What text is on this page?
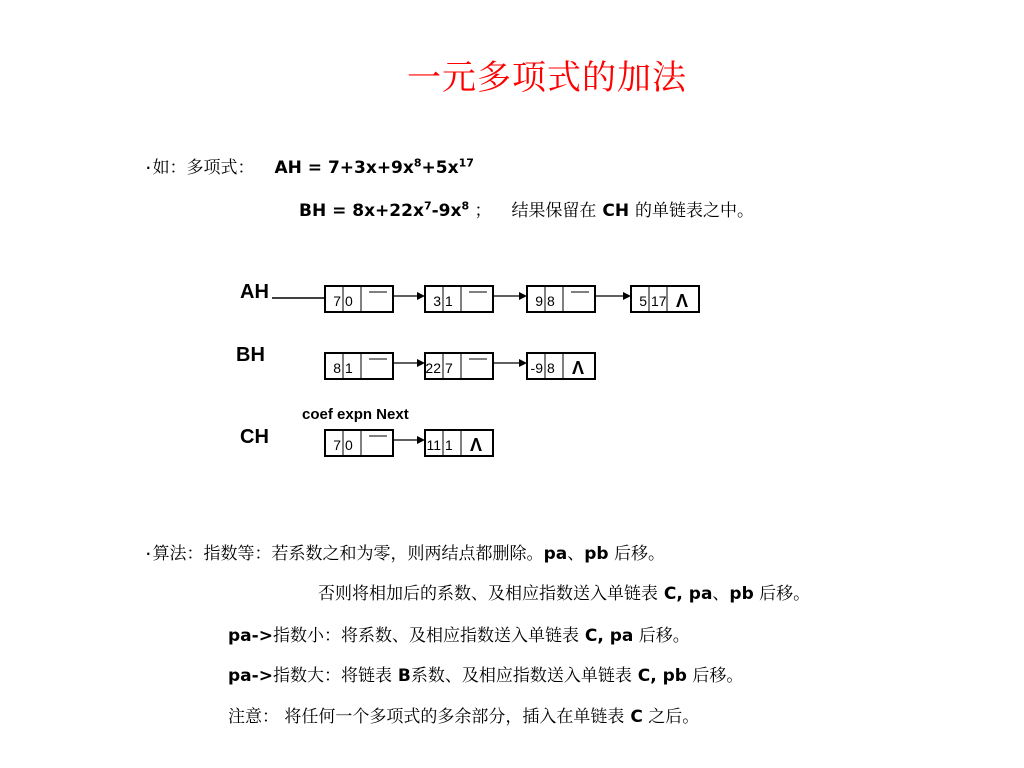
一元多项式的加法
· 如：多项式： AH = $7+3x+9x^8+5x^{17}$
BH = $8x+22x^7-9x^8$ ； 结果保留在 CH 的单链表之中。
AH
BH
CH
coef expn Next
7 0	3 1	9 8	5 17 Λ
8 1	22 7	-9 8 Λ
7 0	11 1 Λ
· 算法：指数等：若系数之和为零，则两结点都删除。pa、pb 后移。
否则将相加后的系数、及相应指数送入单链表 C, pa、pb 后移。
pa->指数小：将系数、及相应指数送入单链表 C, pa 后移。
pa->指数大：将链表 B系数、及相应指数送入单链表 C, pb 后移。
注意： 将任何一个多项式的多余部分，插入在单链表 C 之后。
